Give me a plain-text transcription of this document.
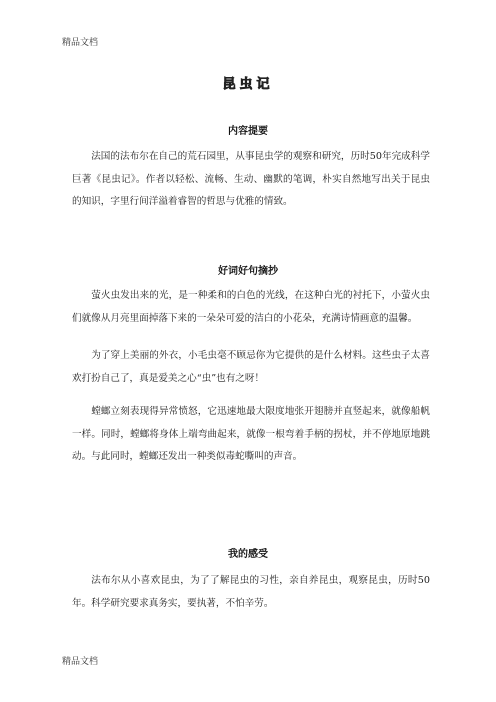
精品文档
昆虫记
内容提要
法国的法布尔在自己的荒石园里，从事昆虫学的观察和研究，历时50年完成科学巨著《昆虫记》。作者以轻松、流畅、生动、幽默的笔调，朴实自然地写出关于昆虫的知识，字里行间洋溢着睿智的哲思与优雅的情致。
好词好句摘抄
萤火虫发出来的光，是一种柔和的白色的光线，在这种白光的衬托下，小萤火虫们就像从月亮里面掉落下来的一朵朵可爱的洁白的小花朵，充满诗情画意的温馨。
为了穿上美丽的外衣，小毛虫毫不顾忌你为它提供的是什么材料。这些虫子太喜欢打扮自己了，真是爱美之心“虫”也有之呀！
螳螂立刻表现得异常愤怒，它迅速地最大限度地张开翅膀并直竖起来，就像船帆一样。同时，螳螂将身体上端弯曲起来，就像一根弯着手柄的拐杖，并不停地原地跳动。与此同时，螳螂还发出一种类似毒蛇嘶叫的声音。
我的感受
法布尔从小喜欢昆虫，为了了解昆虫的习性，亲自养昆虫，观察昆虫，历时50年。科学研究要求真务实，要执著，不怕辛劳。
精品文档
